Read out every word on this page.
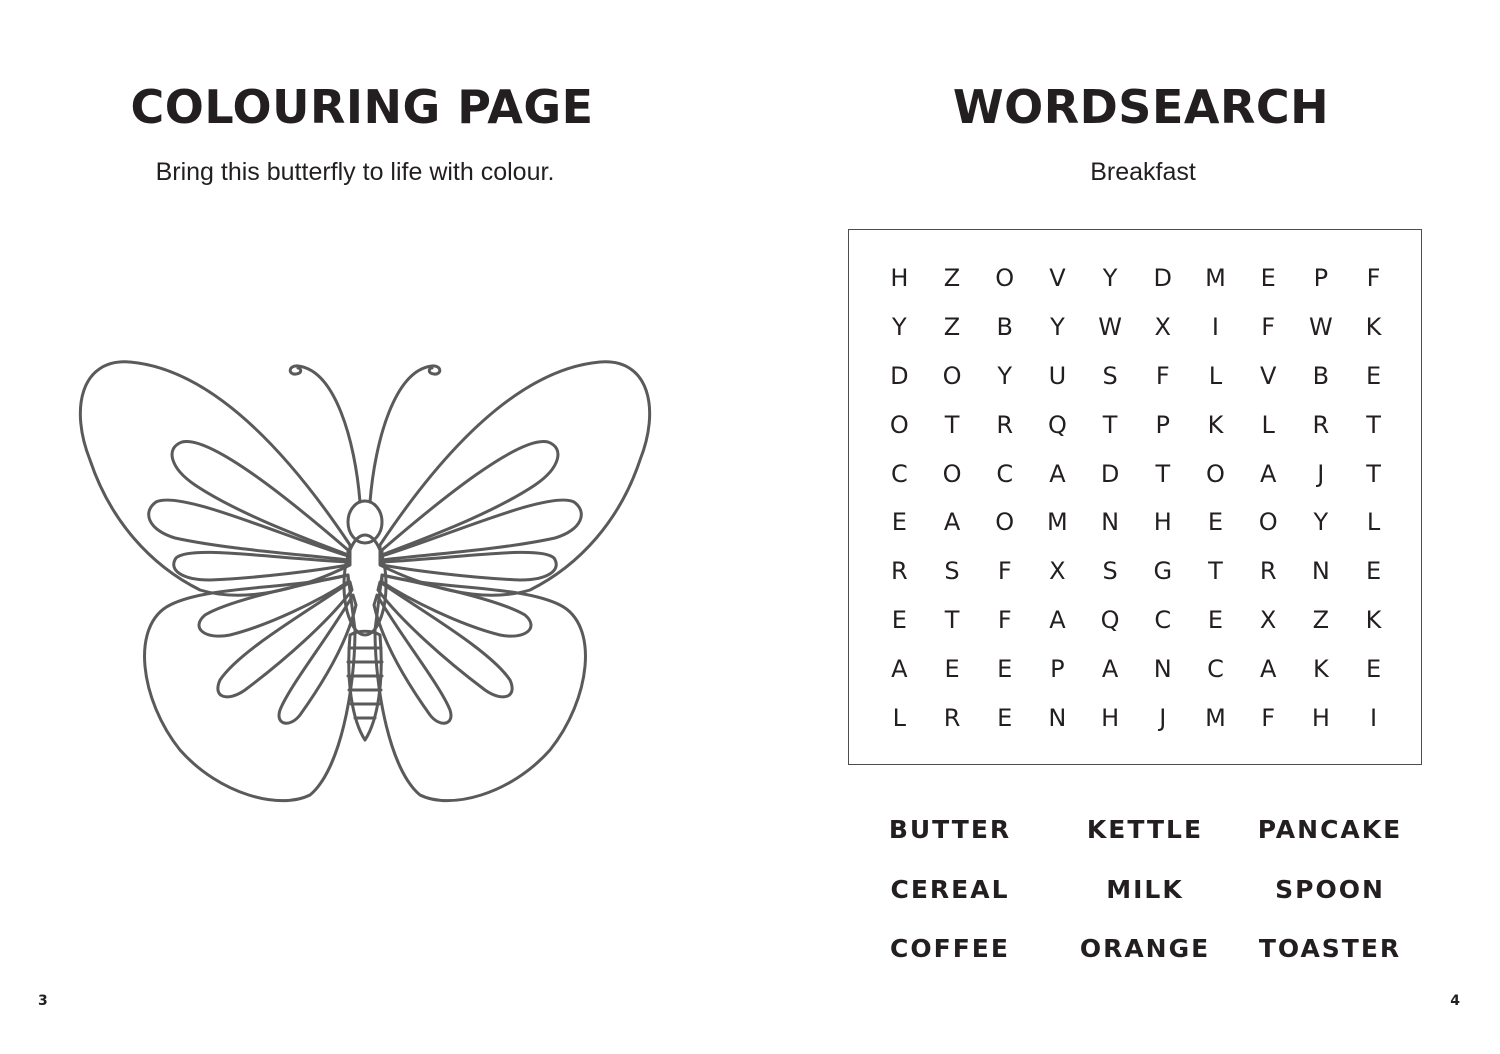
COLOURING PAGE
Bring this butterfly to life with colour.
3
WORDSEARCH
Breakfast
H	Z	O	V	Y	D	M	E	P	F
Y	Z	B	Y	W	X	I	F	W	K
D	O	Y	U	S	F	L	V	B	E
O	T	R	Q	T	P	K	L	R	T
C	O	C	A	D	T	O	A	J	T
E	A	O	M	N	H	E	O	Y	L
R	S	F	X	S	G	T	R	N	E
E	T	F	A	Q	C	E	X	Z	K
A	E	E	P	A	N	C	A	K	E
L	R	E	N	H	J	M	F	H	I
BUTTER	KETTLE	PANCAKE
CEREAL	MILK	SPOON
COFFEE	ORANGE	TOASTER
4
